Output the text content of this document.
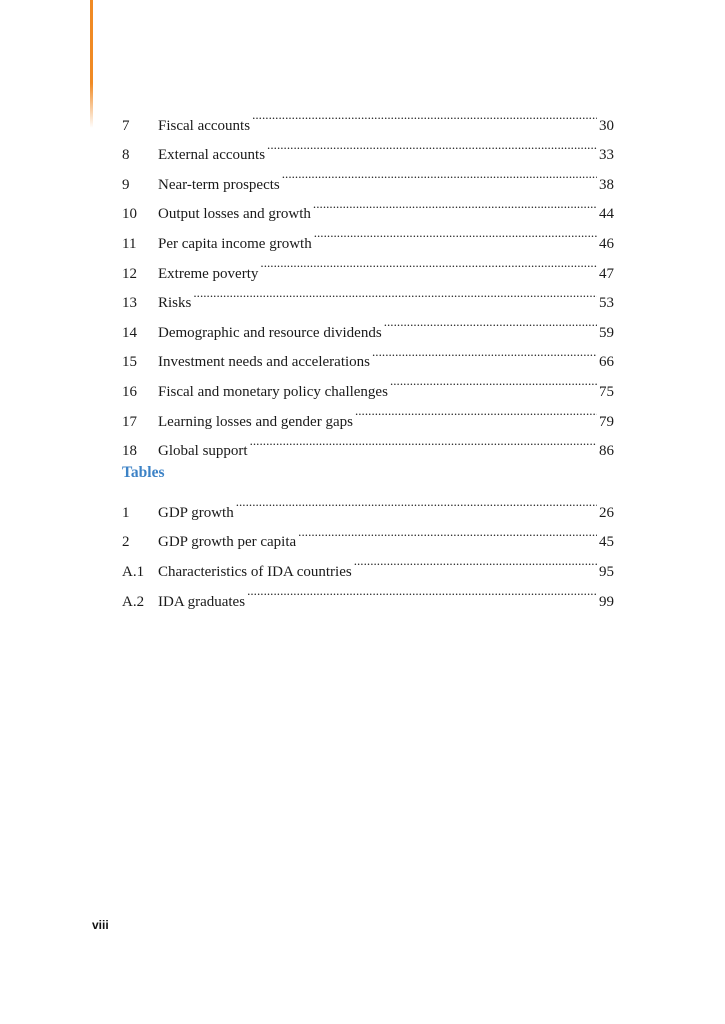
7	Fiscal accounts . . .	30
8	External accounts . . .	33
9	Near-term prospects . . .	38
10	Output losses and growth . . .	44
11	Per capita income growth . . .	46
12	Extreme poverty . . .	47
13	Risks . . .	53
14	Demographic and resource dividends . . .	59
15	Investment needs and accelerations . . .	66
16	Fiscal and monetary policy challenges . . .	75
17	Learning losses and gender gaps . . .	79
18	Global support . . .	86
Tables
1	GDP growth . . .	26
2	GDP growth per capita . . .	45
A.1 Characteristics of IDA countries . . .	95
A.2 IDA graduates . . .	99
viii
